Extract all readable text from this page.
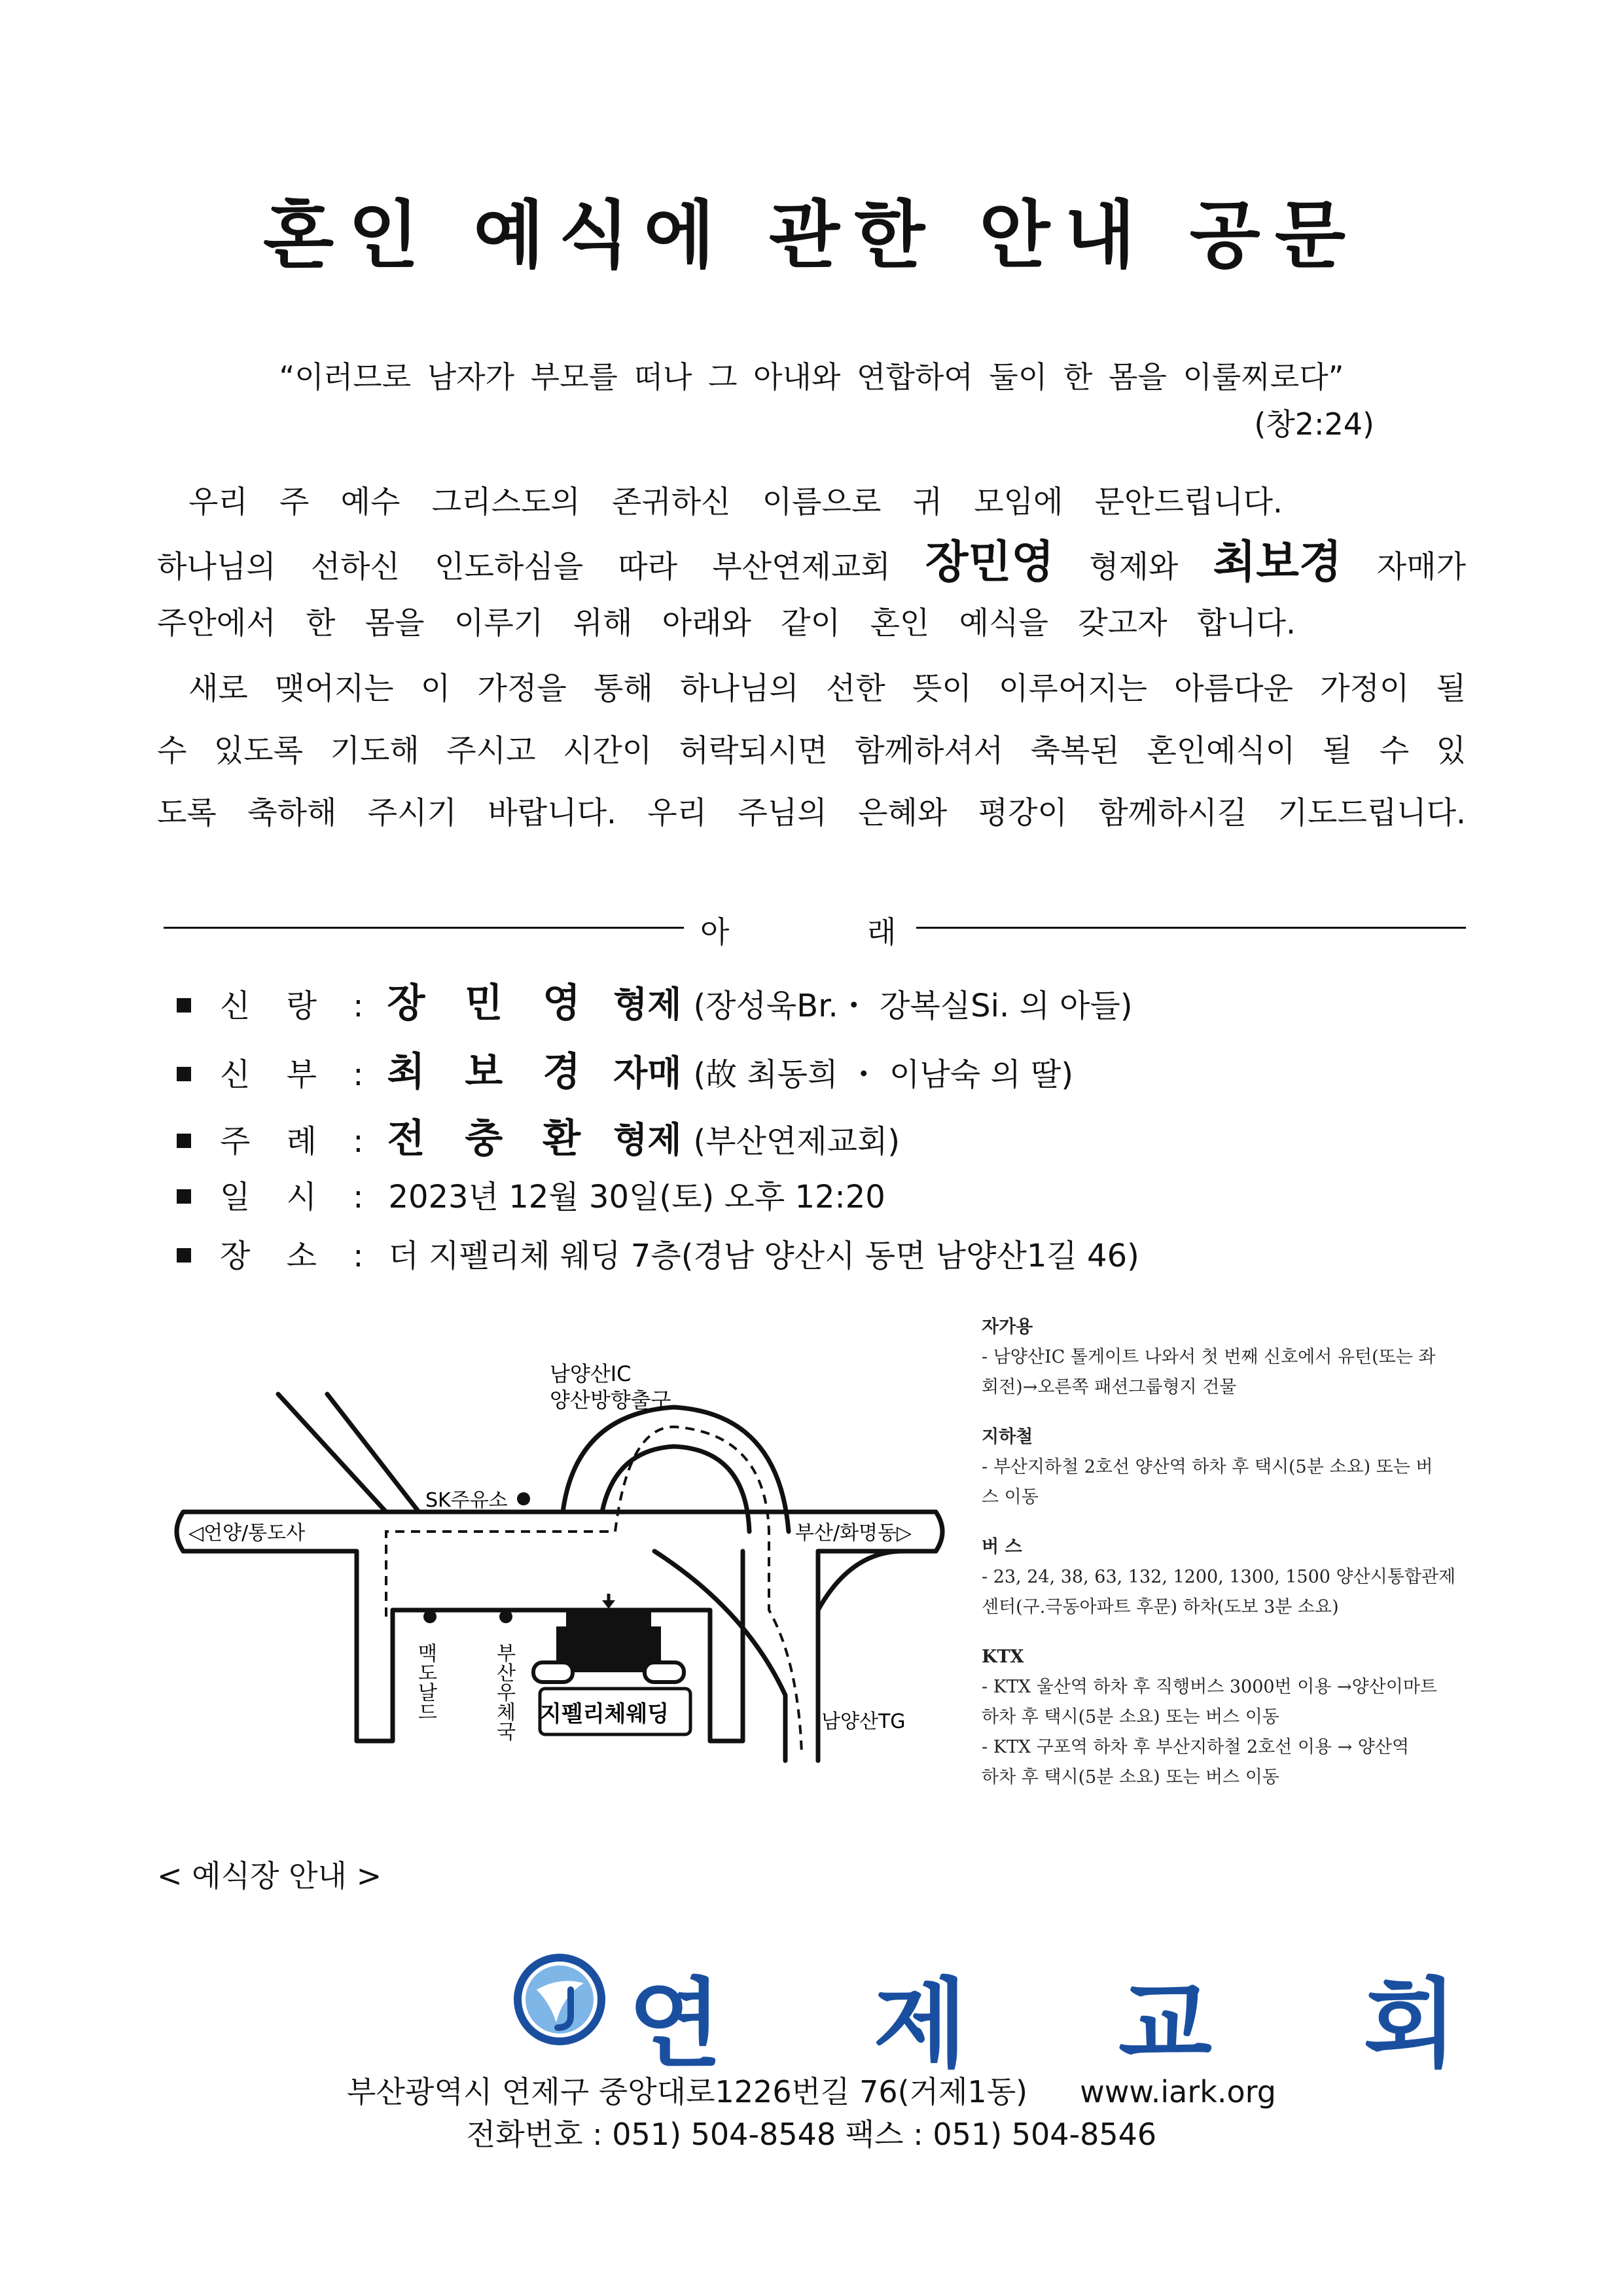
혼인 예식에 관한 안내 공문
“이러므로 남자가 부모를 떠나 그 아내와 연합하여 둘이 한 몸을 이룰찌로다”
(창2:24)
우리 주 예수 그리스도의 존귀하신 이름으로 귀 모임에 문안드립니다.
하나님의 선하신 인도하심을 따라 부산연제교회 장민영 형제와 최보경 자매가
주안에서 한 몸을 이루기 위해 아래와 같이 혼인 예식을 갖고자 합니다.
새로 맺어지는 이 가정을 통해 하나님의 선한 뜻이 이루어지는 아름다운 가정이 될
수 있도록 기도해 주시고 시간이 허락되시면 함께하셔서 축복된 혼인예식이 될 수 있
도록 축하해 주시기 바랍니다. 우리 주님의 은혜와 평강이 함께하시길 기도드립니다.
아	래
신 랑 : 장 민 영 형제 (장성욱Br.・ 강복실Si. 의 아들)
신 부 : 최 보 경 자매 (故 최동희 ・ 이남숙 의 딸)
주 례 : 전 충 환 형제 (부산연제교회)
일 시 : 2023년 12월 30일(토) 오후 12:20
장 소 : 더 지펠리체 웨딩 7층(경남 양산시 동면 남양산1길 46)
지펠리체웨딩
남양산IC
양산방향출구
SK주유소
◁언양/통도사	부산/화명동▷
남양산TG
맥도날드	부산우체국
자가용
- 남양산IC 톨게이트 나와서 첫 번째 신호에서 유턴(또는 좌
회전)→오른쪽 패션그룹형지 건물
지하철
- 부산지하철 2호선 양산역 하차 후 택시(5분 소요) 또는 버
스 이동
버 스
- 23, 24, 38, 63, 132, 1200, 1300, 1500 양산시통합관제
센터(구.극동아파트 후문) 하차(도보 3분 소요)
KTX
- KTX 울산역 하차 후 직행버스 3000번 이용 →양산이마트
하차 후 택시(5분 소요) 또는 버스 이동
- KTX 구포역 하차 후 부산지하철 2호선 이용 → 양산역
하차 후 택시(5분 소요) 또는 버스 이동
< 예식장 안내 >
연 제 교 회
부산광역시 연제구 중앙대로1226번길 76(거제1동) www.iark.org
전화번호 : 051) 504-8548 팩스 : 051) 504-8546
